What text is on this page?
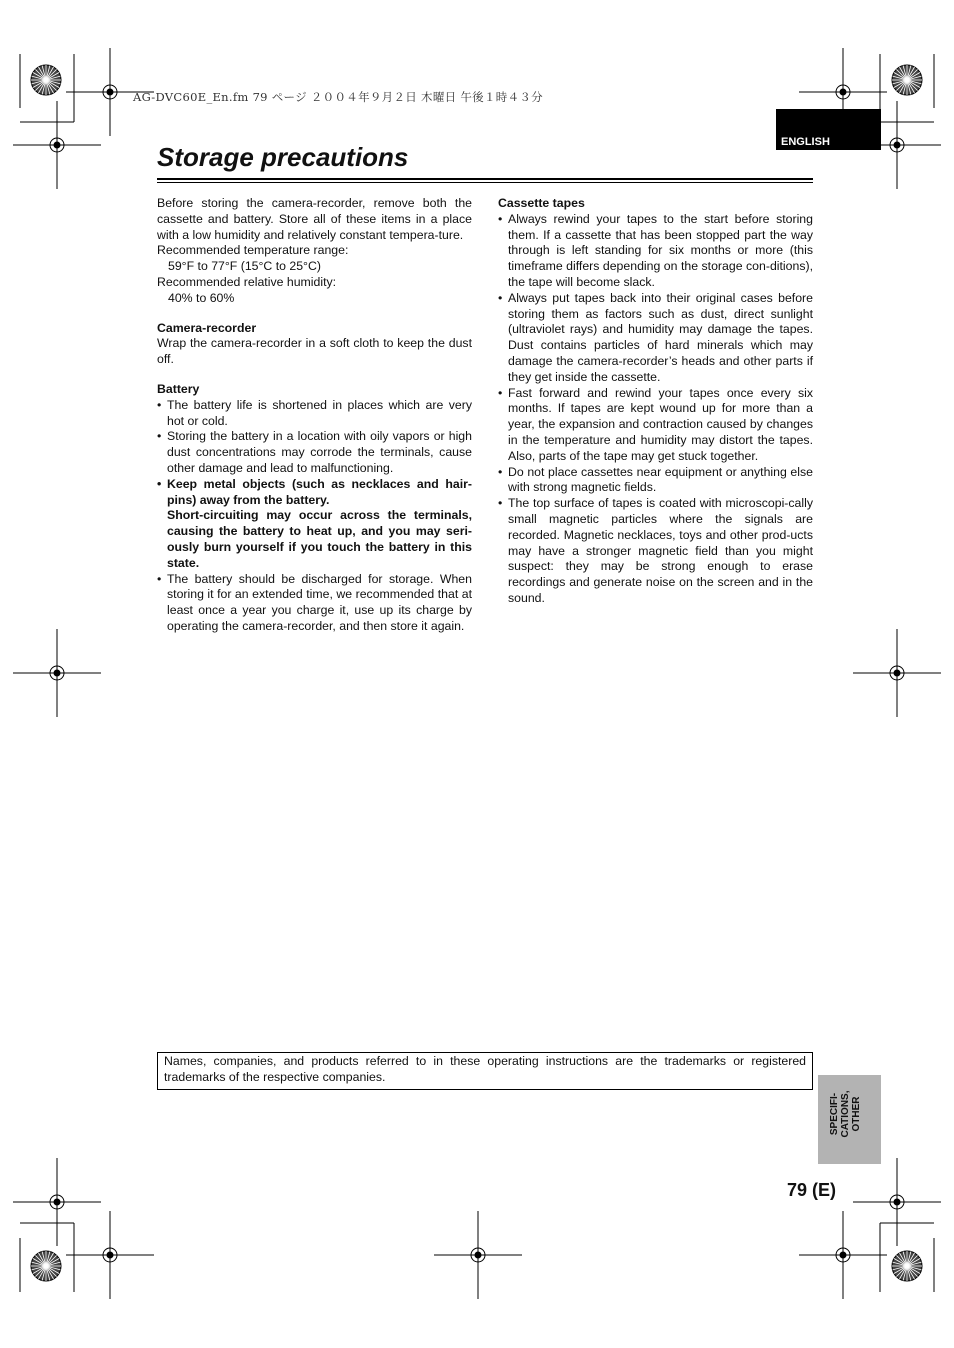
AG-DVC60E_En.fm 79 ページ ２００４年９月２日 木曜日 午後１時４３分
ENGLISH
Storage precautions

Before storing the camera-recorder, remove both the cassette and battery. Store all of these items in a place with a low humidity and relatively constant tempera-ture.

Recommended temperature range:

59°F to 77°F (15°C to 25°C)

Recommended relative humidity:

40% to 60%

Camera-recorder

Wrap the camera-recorder in a soft cloth to keep the dust off.

Battery

• The battery life is shortened in places which are very hot or cold.
• Storing the battery in a location with oily vapors or high dust concentrations may corrode the terminals, cause other damage and lead to malfunctioning.
• Keep metal objects (such as necklaces and hair-pins) away from the battery.
Short-circuiting may occur across the terminals, causing the battery to heat up, and you may seri-ously burn yourself if you touch the battery in this state.
• The battery should be discharged for storage. When storing it for an extended time, we recommended that at least once a year you charge it, use up its charge by operating the camera-recorder, and then store it again.

Cassette tapes

• Always rewind your tapes to the start before storing them. If a cassette that has been stopped part the way through is left standing for six months or more (this timeframe differs depending on the storage con-ditions), the tape will become slack.
• Always put tapes back into their original cases before storing them as factors such as dust, direct sunlight (ultraviolet rays) and humidity may damage the tapes. Dust contains particles of hard minerals which may damage the camera-recorder’s heads and other parts if they get inside the cassette.
• Fast forward and rewind your tapes once every six months. If tapes are kept wound up for more than a year, the expansion and contraction caused by changes in the temperature and humidity may distort the tapes. Also, parts of the tape may get stuck together.
• Do not place cassettes near equipment or anything else with strong magnetic fields.
• The top surface of tapes is coated with microscopi-cally small magnetic particles where the signals are recorded. Magnetic necklaces, toys and other prod-ucts may have a stronger magnetic field than you might suspect: they may be strong enough to erase recordings and generate noise on the screen and in the sound.
Names, companies, and products referred to in these operating instructions are the trademarks or registered trademarks of the respective companies.
SPECIFI- CATIONS, OTHER
79 (E)
